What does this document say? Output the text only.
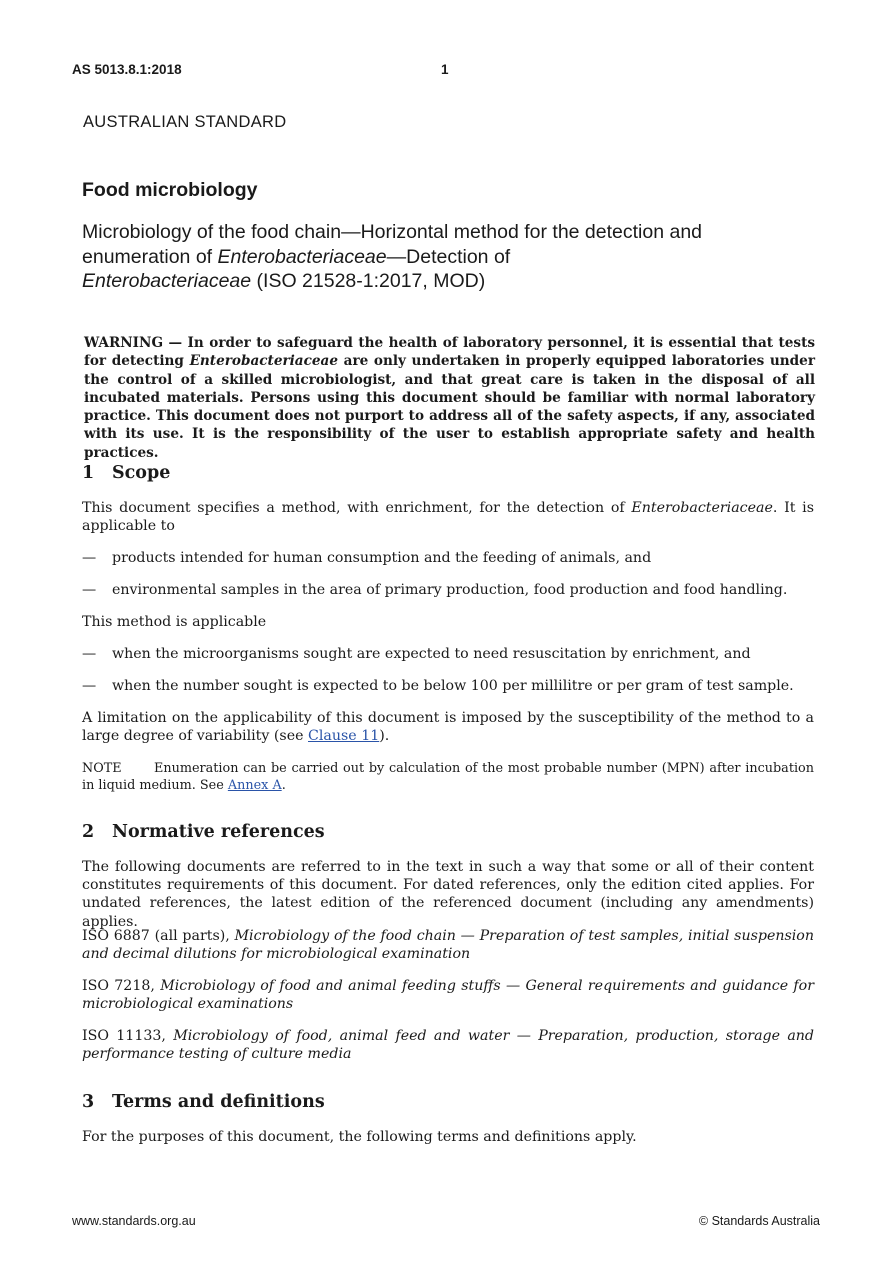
AS 5013.8.1:2018	1
AUSTRALIAN STANDARD
Food microbiology
Microbiology of the food chain—Horizontal method for the detection and enumeration of Enterobacteriaceae—Detection of
Enterobacteriaceae (ISO 21528-1:2017, MOD)
WARNING — In order to safeguard the health of laboratory personnel, it is essential that tests for detecting Enterobacteriaceae are only undertaken in properly equipped laboratories under the control of a skilled microbiologist, and that great care is taken in the disposal of all incubated materials. Persons using this document should be familiar with normal laboratory practice. This document does not purport to address all of the safety aspects, if any, associated with its use. It is the responsibility of the user to establish appropriate safety and health practices.
1 Scope
This document specifies a method, with enrichment, for the detection of Enterobacteriaceae. It is applicable to
— products intended for human consumption and the feeding of animals, and
— environmental samples in the area of primary production, food production and food handling.
This method is applicable
— when the microorganisms sought are expected to need resuscitation by enrichment, and
— when the number sought is expected to be below 100 per millilitre or per gram of test sample.
A limitation on the applicability of this document is imposed by the susceptibility of the method to a large degree of variability (see Clause 11).
NOTE	Enumeration can be carried out by calculation of the most probable number (MPN) after incubation in liquid medium. See Annex A.
2 Normative references
The following documents are referred to in the text in such a way that some or all of their content constitutes requirements of this document. For dated references, only the edition cited applies. For undated references, the latest edition of the referenced document (including any amendments) applies.
ISO 6887 (all parts), Microbiology of the food chain — Preparation of test samples, initial suspension and decimal dilutions for microbiological examination
ISO 7218, Microbiology of food and animal feeding stuffs — General requirements and guidance for microbiological examinations
ISO 11133, Microbiology of food, animal feed and water — Preparation, production, storage and performance testing of culture media
3 Terms and definitions
For the purposes of this document, the following terms and definitions apply.
www.standards.org.au	© Standards Australia
